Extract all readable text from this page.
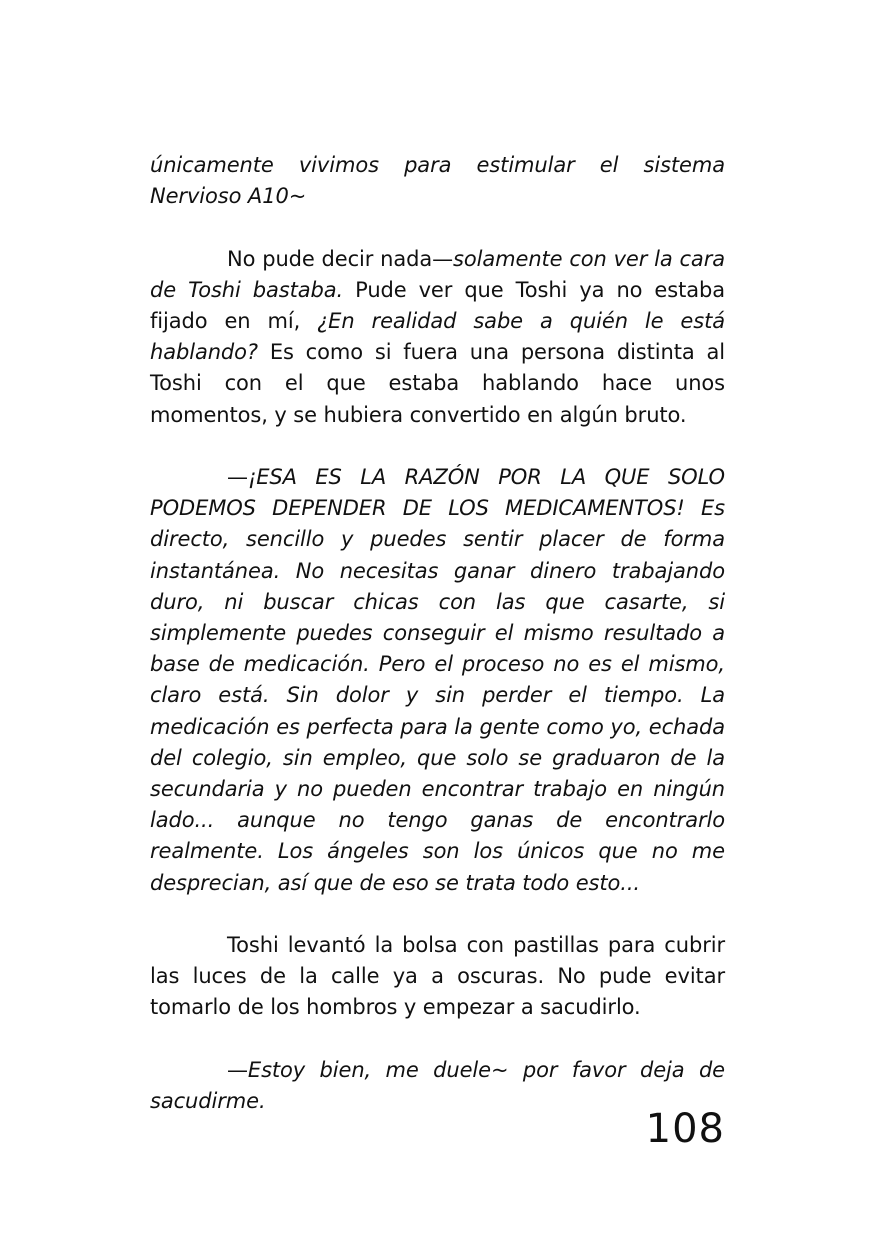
únicamente vivimos para estimular el sistema Nervioso A10~

No pude decir nada—solamente con ver la cara de Toshi bastaba. Pude ver que Toshi ya no estaba fijado en mí, ¿En realidad sabe a quién le está hablando? Es como si fuera una persona distinta al Toshi con el que estaba hablando hace unos momentos, y se hubiera convertido en algún bruto.

—¡ESA ES LA RAZÓN POR LA QUE SOLO PODEMOS DEPENDER DE LOS MEDICAMENTOS! Es directo, sencillo y puedes sentir placer de forma instantánea. No necesitas ganar dinero trabajando duro, ni buscar chicas con las que casarte, si simplemente puedes conseguir el mismo resultado a base de medicación. Pero el proceso no es el mismo, claro está. Sin dolor y sin perder el tiempo. La medicación es perfecta para la gente como yo, echada del colegio, sin empleo, que solo se graduaron de la secundaria y no pueden encontrar trabajo en ningún lado... aunque no tengo ganas de encontrarlo realmente. Los ángeles son los únicos que no me desprecian, así que de eso se trata todo esto...

Toshi levantó la bolsa con pastillas para cubrir las luces de la calle ya a oscuras. No pude evitar tomarlo de los hombros y empezar a sacudirlo.

—Estoy bien, me duele~ por favor deja de sacudirme.

108
